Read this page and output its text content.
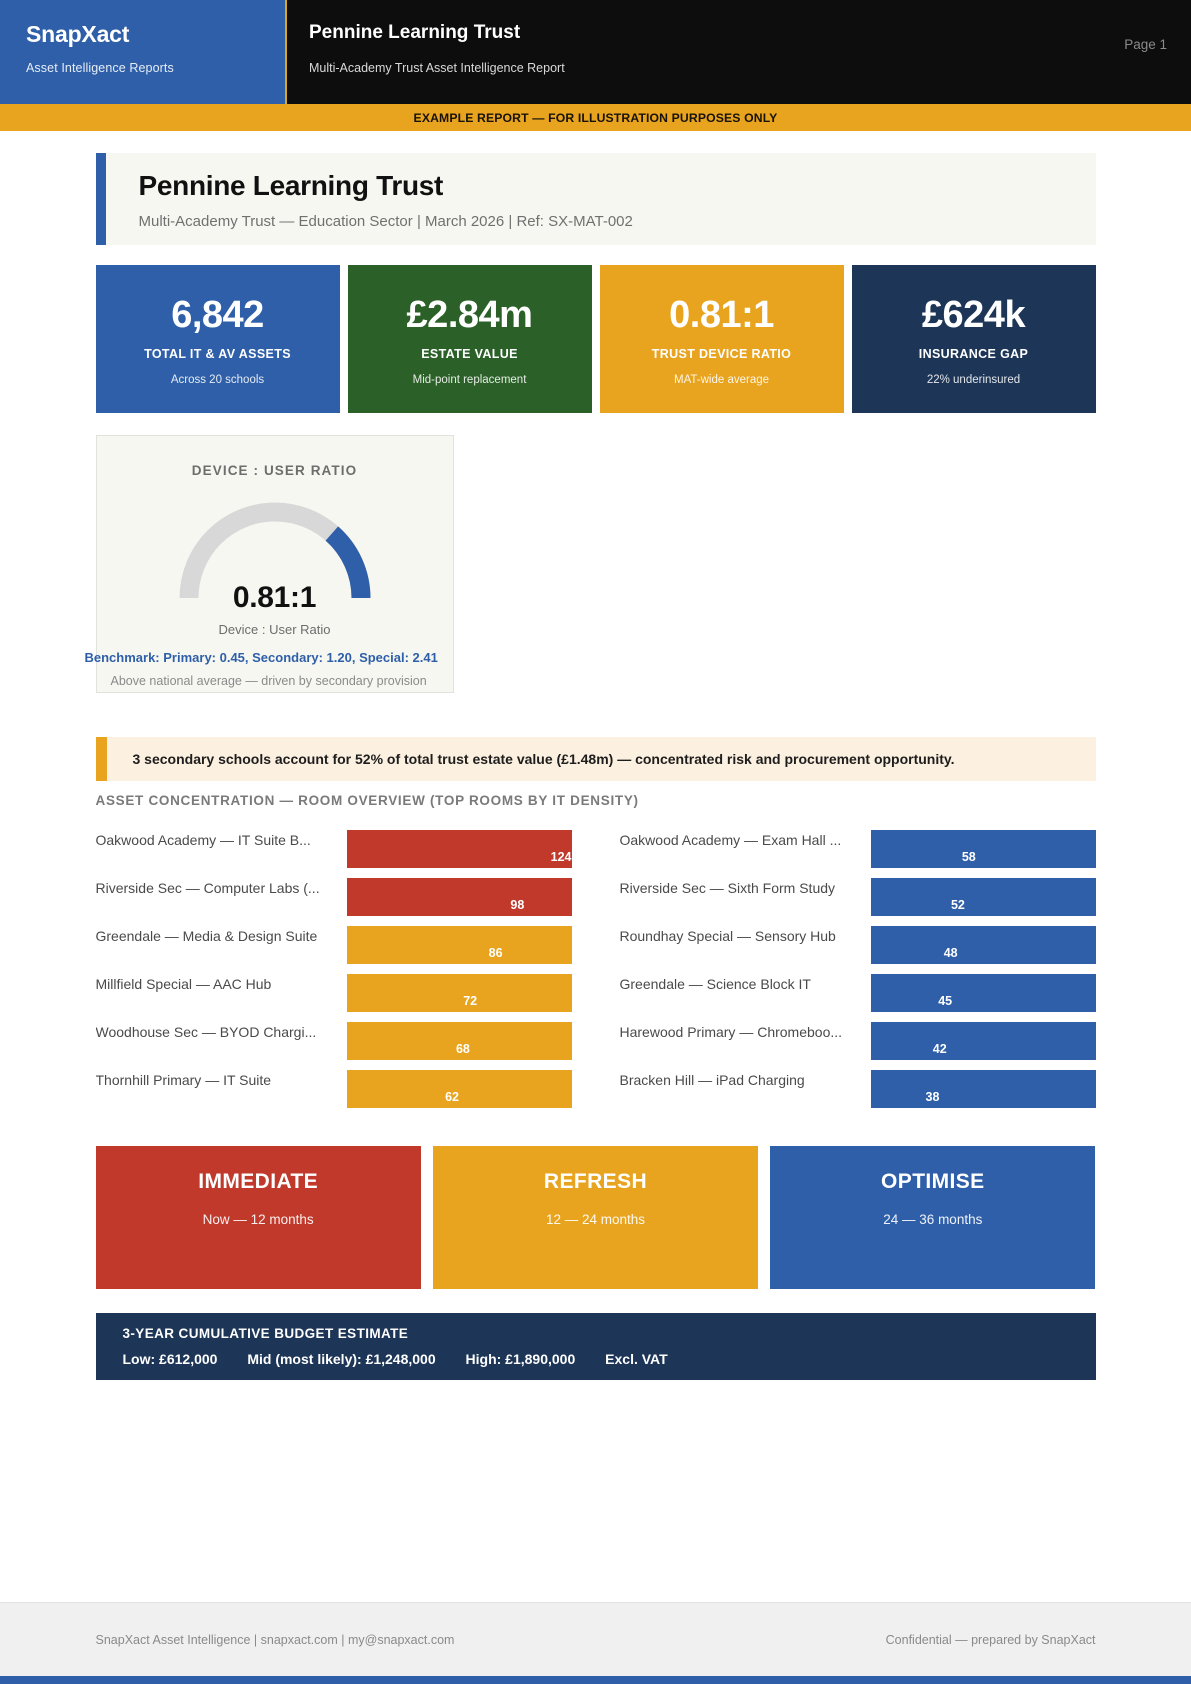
SnapXact
Asset Intelligence Reports
Pennine Learning Trust
Multi-Academy Trust Asset Intelligence Report
Page 1
EXAMPLE REPORT — FOR ILLUSTRATION PURPOSES ONLY
Pennine Learning Trust
Multi-Academy Trust — Education Sector | March 2026 | Ref: SX-MAT-002
6,842
TOTAL IT & AV ASSETS
Across 20 schools
£2.84m
ESTATE VALUE
Mid-point replacement
0.81:1
TRUST DEVICE RATIO
MAT-wide average
£624k
INSURANCE GAP
22% underinsured
DEVICE : USER RATIO
0.81:1
Device : User Ratio
Benchmark: Primary: 0.45, Secondary: 1.20, Special: 2.41
Above national average — driven by secondary provision
3 secondary schools account for 52% of total trust estate value (£1.48m) — concentrated risk and procurement opportunity.
ASSET CONCENTRATION — ROOM OVERVIEW (TOP ROOMS BY IT DENSITY)
Oakwood Academy — IT Suite B...
124
Riverside Sec — Computer Labs (...
98
Greendale — Media & Design Suite
86
Millfield Special — AAC Hub
72
Woodhouse Sec — BYOD Chargi...
68
Thornhill Primary — IT Suite
62
Oakwood Academy — Exam Hall ...
58
Riverside Sec — Sixth Form Study
52
Roundhay Special — Sensory Hub
48
Greendale — Science Block IT
45
Harewood Primary — Chromeboo...
42
Bracken Hill — iPad Charging
38
IMMEDIATE
Now — 12 months
REFRESH
12 — 24 months
OPTIMISE
24 — 36 months
3-YEAR CUMULATIVE BUDGET ESTIMATE
Low: £612,000 Mid (most likely): £1,248,000 High: £1,890,000 Excl. VAT
SnapXact Asset Intelligence | snapxact.com | my@snapxact.com	Confidential — prepared by SnapXact
